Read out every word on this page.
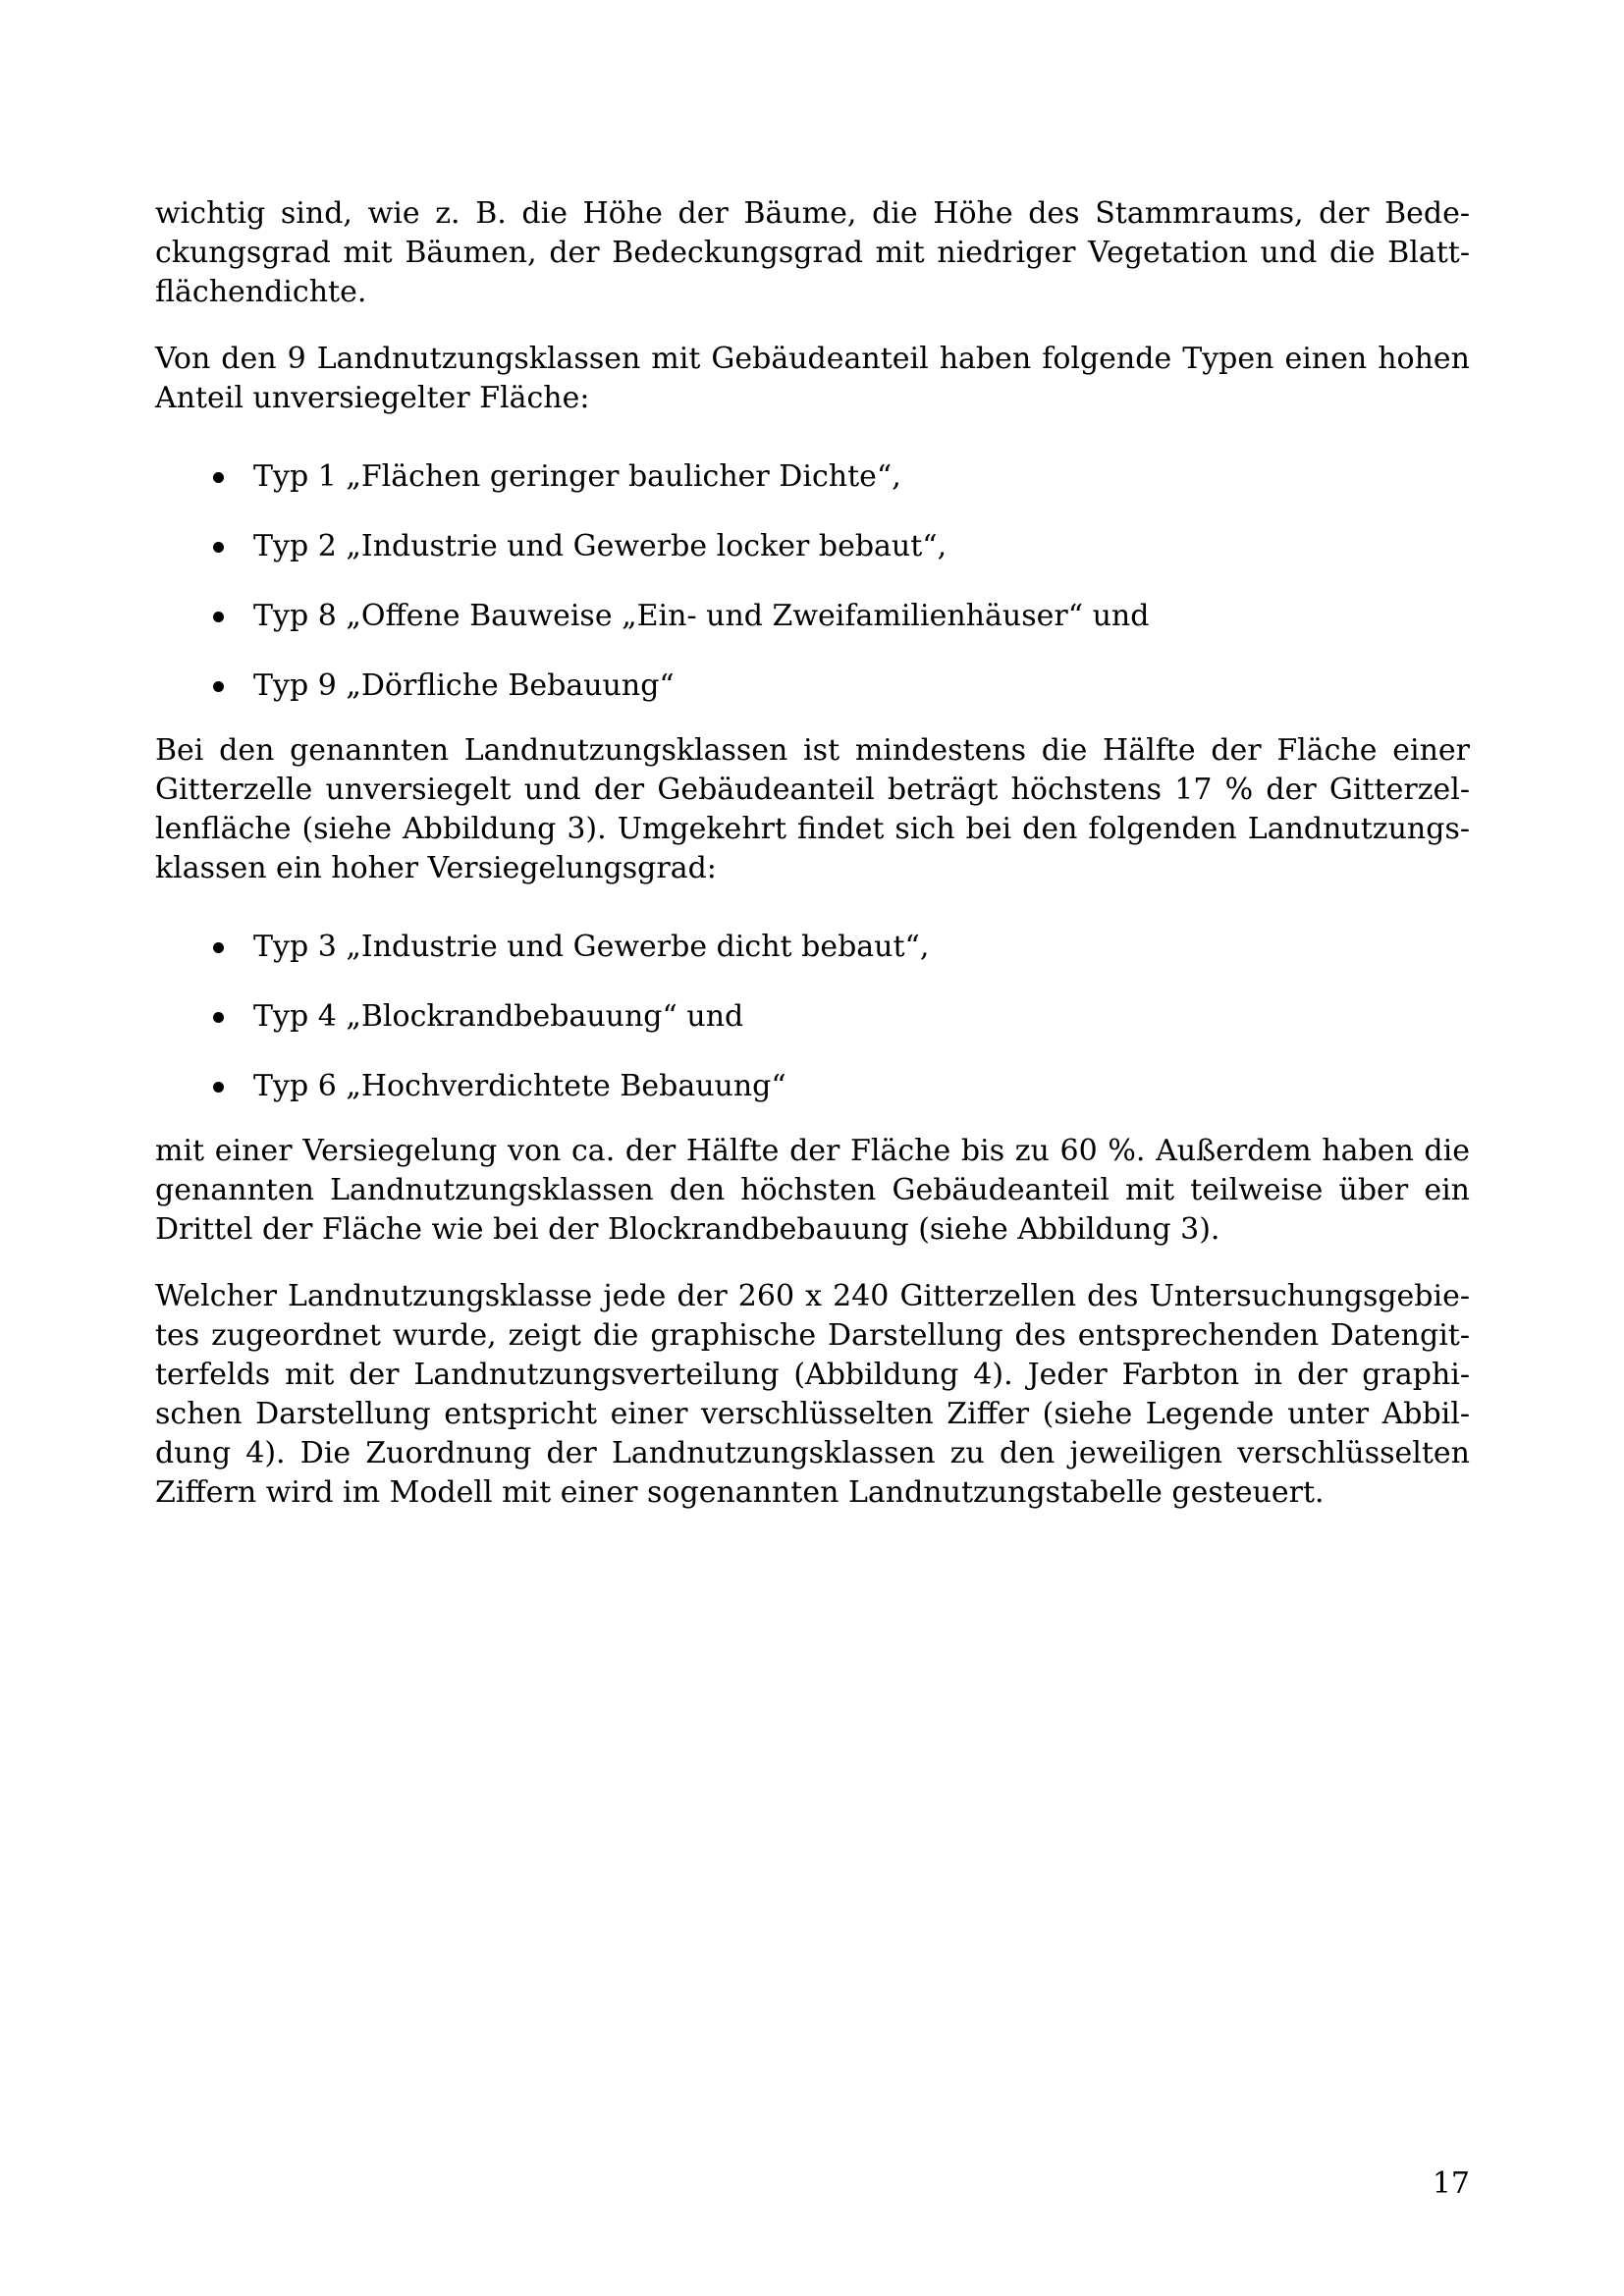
wichtig sind, wie z. B. die Höhe der Bäume, die Höhe des Stammraums, der Bede-
ckungsgrad mit Bäumen, der Bedeckungsgrad mit niedriger Vegetation und die Blatt-
flächendichte.

Von den 9 Landnutzungsklassen mit Gebäudeanteil haben folgende Typen einen hohen
Anteil unversiegelter Fläche:

Typ 1 „Flächen geringer baulicher Dichte“,
Typ 2 „Industrie und Gewerbe locker bebaut“,
Typ 8 „Offene Bauweise „Ein- und Zweifamilienhäuser“ und
Typ 9 „Dörfliche Bebauung“

Bei den genannten Landnutzungsklassen ist mindestens die Hälfte der Fläche einer
Gitterzelle unversiegelt und der Gebäudeanteil beträgt höchstens 17 % der Gitterzel-
lenfläche (siehe Abbildung 3). Umgekehrt findet sich bei den folgenden Landnutzungs-
klassen ein hoher Versiegelungsgrad:

Typ 3 „Industrie und Gewerbe dicht bebaut“,
Typ 4 „Blockrandbebauung“ und
Typ 6 „Hochverdichtete Bebauung“

mit einer Versiegelung von ca. der Hälfte der Fläche bis zu 60 %. Außerdem haben die
genannten Landnutzungsklassen den höchsten Gebäudeanteil mit teilweise über ein
Drittel der Fläche wie bei der Blockrandbebauung (siehe Abbildung 3).

Welcher Landnutzungsklasse jede der 260 x 240 Gitterzellen des Untersuchungsgebie-
tes zugeordnet wurde, zeigt die graphische Darstellung des entsprechenden Datengit-
terfelds mit der Landnutzungsverteilung (Abbildung 4). Jeder Farbton in der graphi-
schen Darstellung entspricht einer verschlüsselten Ziffer (siehe Legende unter Abbil-
dung 4). Die Zuordnung der Landnutzungsklassen zu den jeweiligen verschlüsselten
Ziffern wird im Modell mit einer sogenannten Landnutzungstabelle gesteuert.

17
